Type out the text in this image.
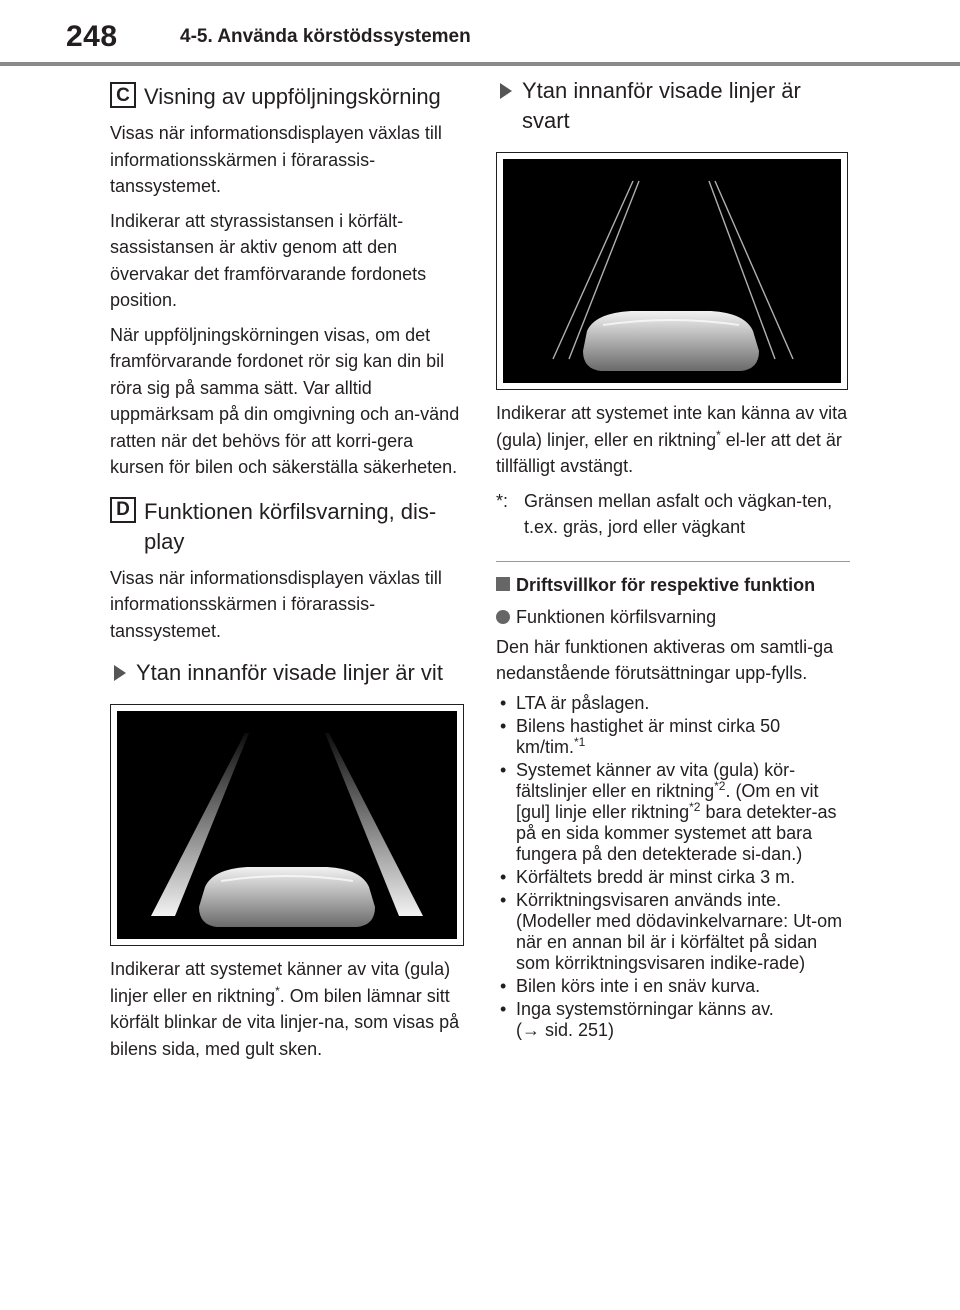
248	4-5. Använda körstödssystemen
C Visning av uppföljningskörning

Visas när informationsdisplayen växlas till informationsskärmen i förarassis-tanssystemet.

Indikerar att styrassistansen i körfält-sassistansen är aktiv genom att den övervakar det framförvarande fordonets position.

När uppföljningskörningen visas, om det framförvarande fordonet rör sig kan din bil röra sig på samma sätt. Var alltid uppmärksam på din omgivning och an-vänd ratten när det behövs för att korri-gera kursen för bilen och säkerställa säkerheten.

D Funktionen körfilsvarning, dis-play

Visas när informationsdisplayen växlas till informationsskärmen i förarassis-tanssystemet.

Ytan innanför visade linjer är vit

Indikerar att systemet känner av vita (gula) linjer eller en riktning*. Om bilen lämnar sitt körfält blinkar de vita linjer-na, som visas på bilens sida, med gult sken.

Ytan innanför visade linjer är svart

Indikerar att systemet inte kan känna av vita (gula) linjer, eller en riktning* el-ler att det är tillfälligt avstängt.

*: Gränsen mellan asfalt och vägkan-ten, t.ex. gräs, jord eller vägkant
Driftsvillkor för respektive funktion
Funktionen körfilsvarning

Den här funktionen aktiveras om samtli-ga nedanstående förutsättningar upp-fylls.

• LTA är påslagen.
• Bilens hastighet är minst cirka 50 km/tim.$^{*1}$
• Systemet känner av vita (gula) kör-fältslinjer eller en riktning$^{*2}$. (Om en vit [gul] linje eller riktning$^{*2}$ bara detekter-as på en sida kommer systemet att bara fungera på den detekterade si-dan.)
• Körfältets bredd är minst cirka 3 m.
• Körriktningsvisaren används inte. (Modeller med dödavinkelvarnare: Ut-om när en annan bil är i körfältet på sidan som körriktningsvisaren indike-rade)
• Bilen körs inte i en snäv kurva.
• Inga systemstörningar känns av.
(→ sid. 251)
